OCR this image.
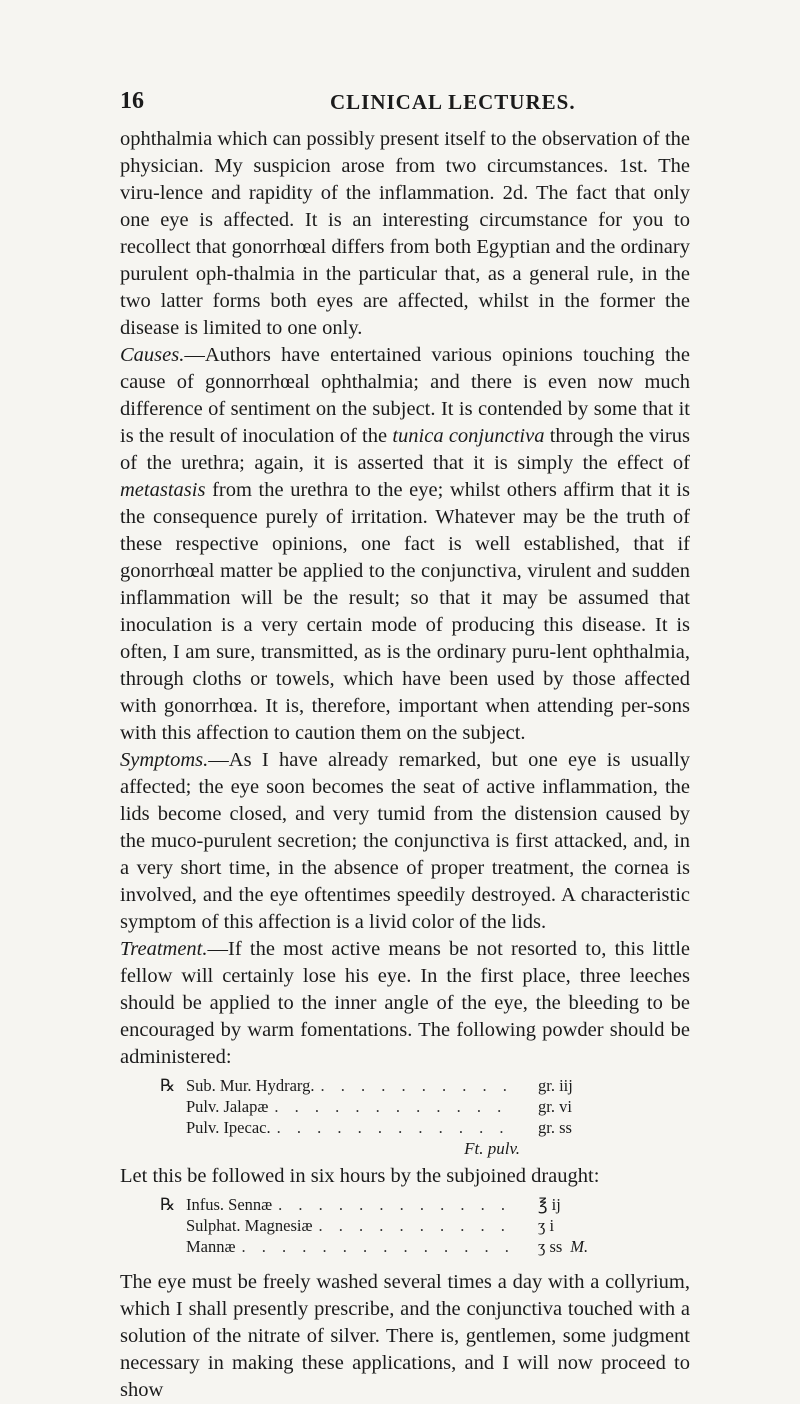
16	CLINICAL LECTURES.

ophthalmia which can possibly present itself to the observation of the physician. My suspicion arose from two circumstances. 1st. The viru-lence and rapidity of the inflammation. 2d. The fact that only one eye is affected. It is an interesting circumstance for you to recollect that gonorrhœal differs from both Egyptian and the ordinary purulent oph-thalmia in the particular that, as a general rule, in the two latter forms both eyes are affected, whilst in the former the disease is limited to one only.

Causes.—Authors have entertained various opinions touching the cause of gonnorrhœal ophthalmia; and there is even now much difference of sentiment on the subject. It is contended by some that it is the result of inoculation of the tunica conjunctiva through the virus of the urethra; again, it is asserted that it is simply the effect of metastasis from the urethra to the eye; whilst others affirm that it is the consequence purely of irritation. Whatever may be the truth of these respective opinions, one fact is well established, that if gonorrhœal matter be applied to the conjunctiva, virulent and sudden inflammation will be the result; so that it may be assumed that inoculation is a very certain mode of producing this disease. It is often, I am sure, transmitted, as is the ordinary puru-lent ophthalmia, through cloths or towels, which have been used by those affected with gonorrhœa. It is, therefore, important when attending per-sons with this affection to caution them on the subject.

Symptoms.—As I have already remarked, but one eye is usually affected; the eye soon becomes the seat of active inflammation, the lids become closed, and very tumid from the distension caused by the muco-purulent secretion; the conjunctiva is first attacked, and, in a very short time, in the absence of proper treatment, the cornea is involved, and the eye oftentimes speedily destroyed. A characteristic symptom of this affection is a livid color of the lids.

Treatment.—If the most active means be not resorted to, this little fellow will certainly lose his eye. In the first place, three leeches should be applied to the inner angle of the eye, the bleeding to be encouraged by warm fomentations. The following powder should be administered:

℞ Sub. Mur. Hydrarg. . . . . . . . . . .	gr. iij
Pulv. Jalapæ . . . . . . . . . . . .	gr. vi
Pulv. Ipecac. . . . . . . . . . . . .	gr. ss
Ft. pulv.

Let this be followed in six hours by the subjoined draught:

℞ Infus. Sennæ . . . . . . . . . . . .	℥ ij
Sulphat. Magnesiæ . . . . . . . . . .	ʒ i
Mannæ . . . . . . . . . . . . . .	ʒ ss M.

The eye must be freely washed several times a day with a collyrium, which I shall presently prescribe, and the conjunctiva touched with a solution of the nitrate of silver. There is, gentlemen, some judgment necessary in making these applications, and I will now proceed to show
